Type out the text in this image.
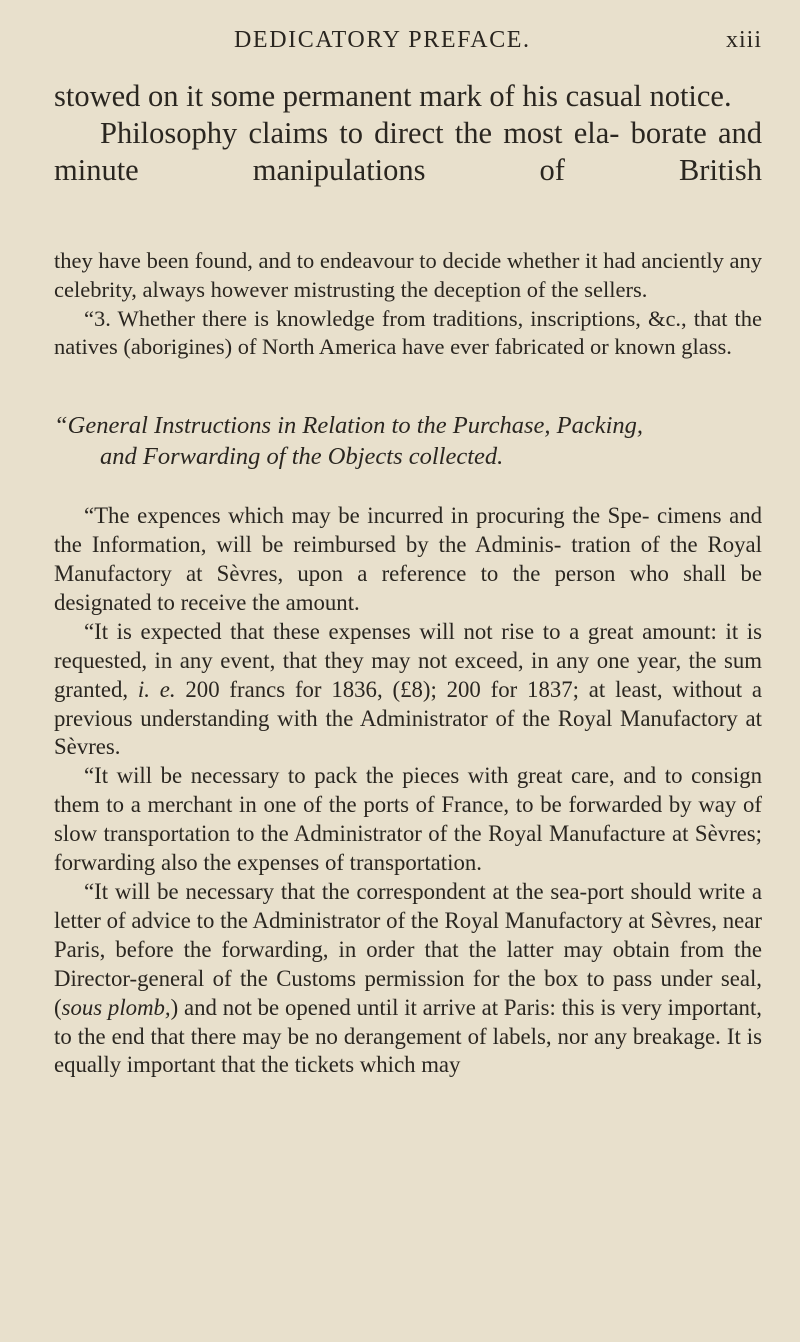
DEDICATORY PREFACE.	xiii

stowed on it some permanent mark of his casual notice.

Philosophy claims to direct the most ela- borate and minute manipulations of British

they have been found, and to endeavour to decide whether it had anciently any celebrity, always however mistrusting the deception of the sellers.

“3. Whether there is knowledge from traditions, inscriptions, &c., that the natives (aborigines) of North America have ever fabricated or known glass.

“General Instructions in Relation to the Purchase, Packing,
and Forwarding of the Objects collected.

“The expences which may be incurred in procuring the Spe- cimens and the Information, will be reimbursed by the Adminis- tration of the Royal Manufactory at Sèvres, upon a reference to the person who shall be designated to receive the amount.

“It is expected that these expenses will not rise to a great amount: it is requested, in any event, that they may not exceed, in any one year, the sum granted, i. e. 200 francs for 1836, (£8); 200 for 1837; at least, without a previous understanding with the Administrator of the Royal Manufactory at Sèvres.

“It will be necessary to pack the pieces with great care, and to consign them to a merchant in one of the ports of France, to be forwarded by way of slow transportation to the Administrator of the Royal Manufacture at Sèvres; forwarding also the expenses of transportation.

“It will be necessary that the correspondent at the sea-port should write a letter of advice to the Administrator of the Royal Manufactory at Sèvres, near Paris, before the forwarding, in order that the latter may obtain from the Director-general of the Customs permission for the box to pass under seal, (sous plomb,) and not be opened until it arrive at Paris: this is very important, to the end that there may be no derangement of labels, nor any breakage. It is equally important that the tickets which may
